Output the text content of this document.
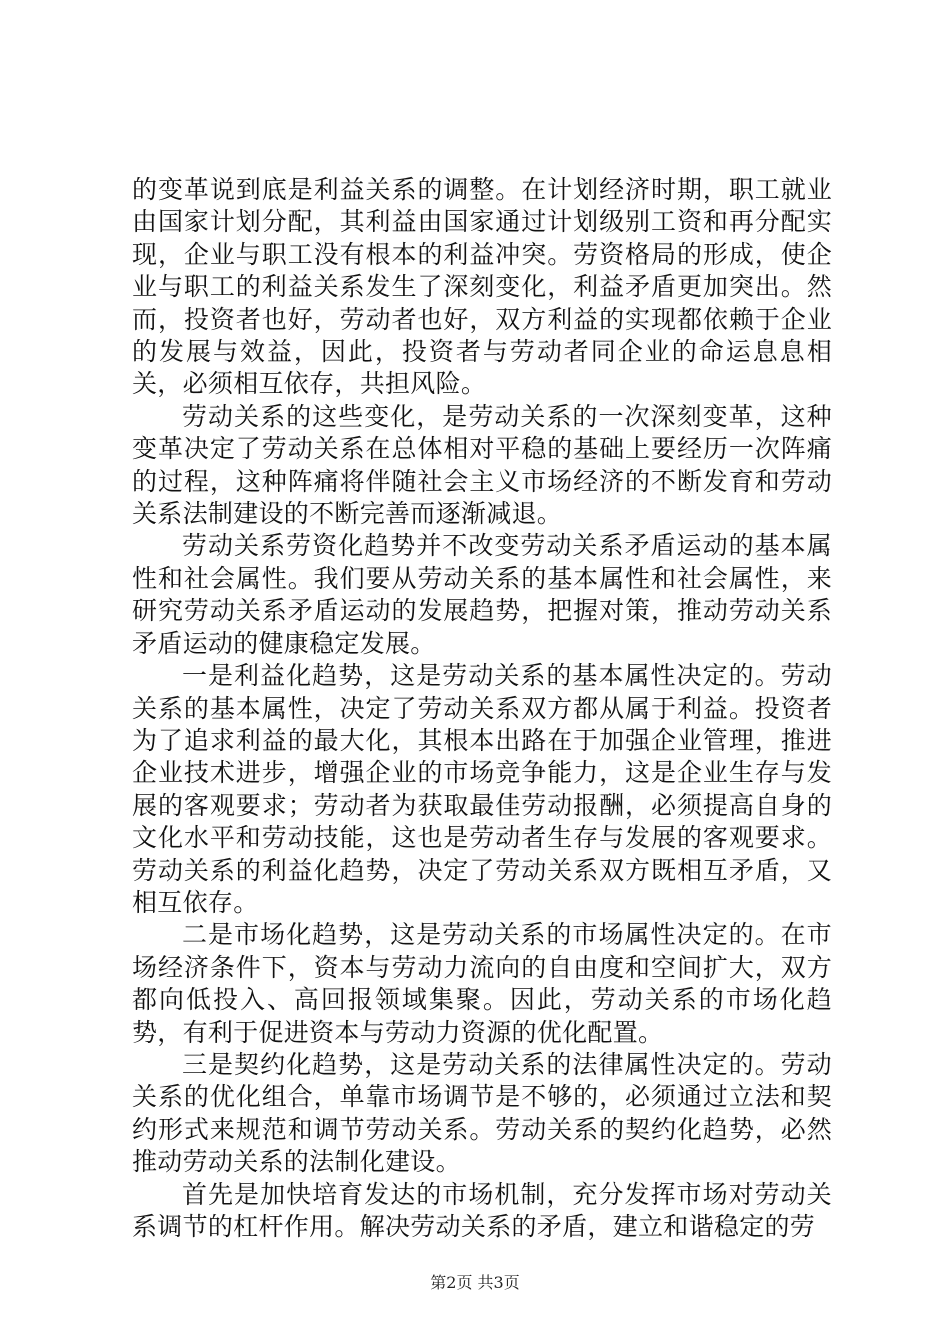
的变革说到底是利益关系的调整。在计划经济时期，职工就业由国家计划分配，其利益由国家通过计划级别工资和再分配实现，企业与职工没有根本的利益冲突。劳资格局的形成，使企业与职工的利益关系发生了深刻变化，利益矛盾更加突出。然而，投资者也好，劳动者也好，双方利益的实现都依赖于企业的发展与效益，因此，投资者与劳动者同企业的命运息息相关，必须相互依存，共担风险。

劳动关系的这些变化，是劳动关系的一次深刻变革，这种变革决定了劳动关系在总体相对平稳的基础上要经历一次阵痛的过程，这种阵痛将伴随社会主义市场经济的不断发育和劳动关系法制建设的不断完善而逐渐减退。

劳动关系劳资化趋势并不改变劳动关系矛盾运动的基本属性和社会属性。我们要从劳动关系的基本属性和社会属性，来研究劳动关系矛盾运动的发展趋势，把握对策，推动劳动关系矛盾运动的健康稳定发展。

一是利益化趋势，这是劳动关系的基本属性决定的。劳动关系的基本属性，决定了劳动关系双方都从属于利益。投资者为了追求利益的最大化，其根本出路在于加强企业管理，推进企业技术进步，增强企业的市场竞争能力，这是企业生存与发展的客观要求；劳动者为获取最佳劳动报酬，必须提高自身的文化水平和劳动技能，这也是劳动者生存与发展的客观要求。劳动关系的利益化趋势，决定了劳动关系双方既相互矛盾，又相互依存。

二是市场化趋势，这是劳动关系的市场属性决定的。在市场经济条件下，资本与劳动力流向的自由度和空间扩大，双方都向低投入、高回报领域集聚。因此，劳动关系的市场化趋势，有利于促进资本与劳动力资源的优化配置。

三是契约化趋势，这是劳动关系的法律属性决定的。劳动关系的优化组合，单靠市场调节是不够的，必须通过立法和契约形式来规范和调节劳动关系。劳动关系的契约化趋势，必然推动劳动关系的法制化建设。

首先是加快培育发达的市场机制，充分发挥市场对劳动关系调节的杠杆作用。解决劳动关系的矛盾，建立和谐稳定的劳

第2页 共3页
